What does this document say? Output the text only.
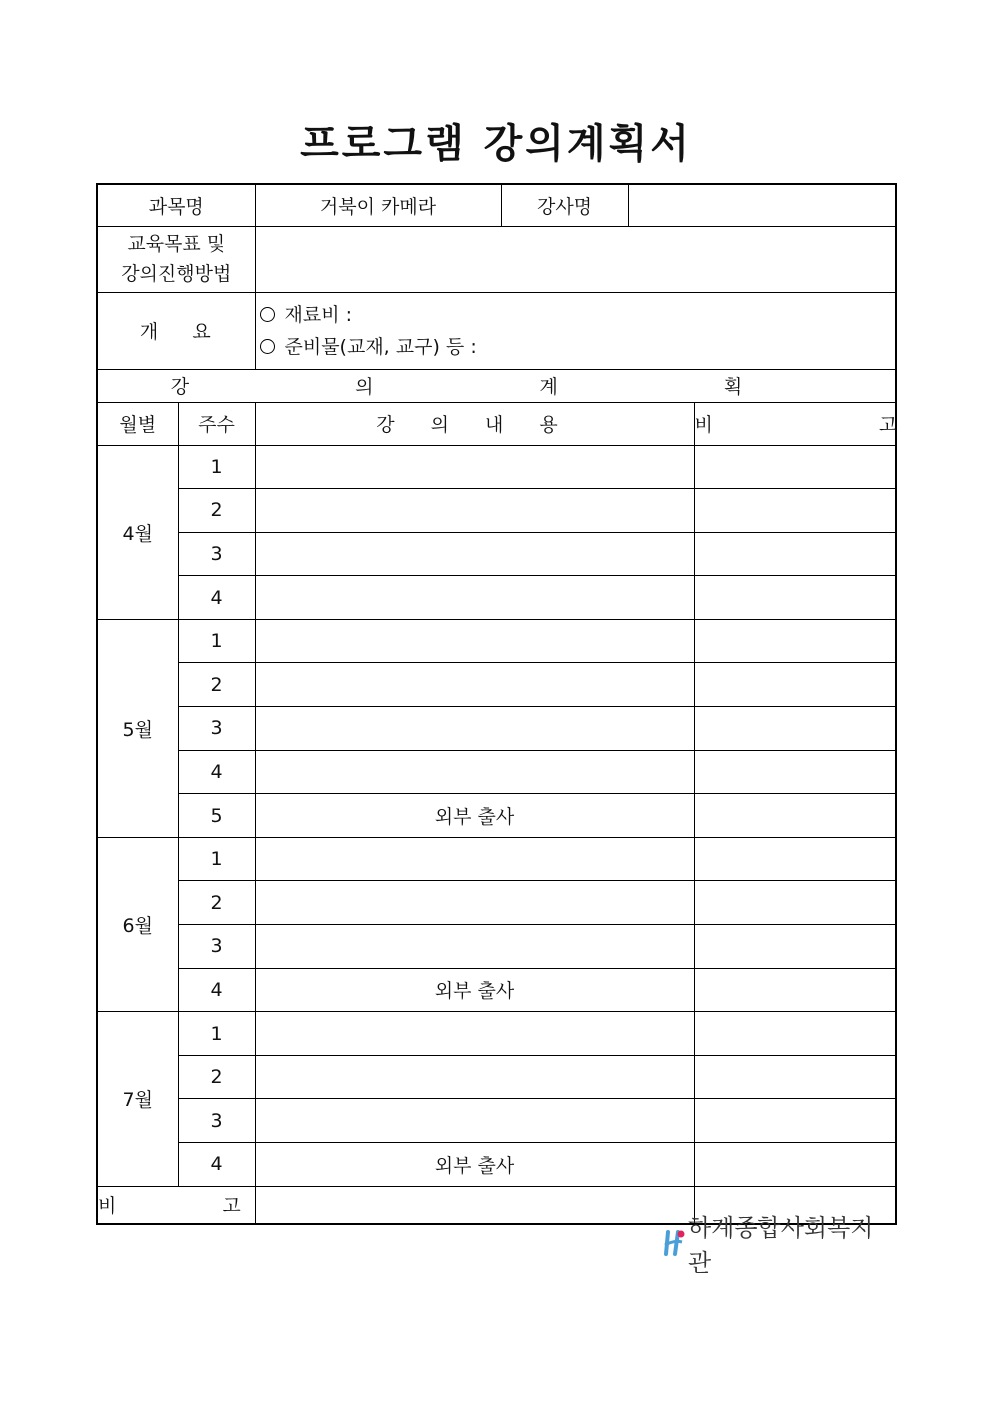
프로그램 강의계획서
과목명		거북이 카메라	강사명		

교육목표 및
강의진행방법					

개    요		재료비 :
준비물(교재, 교구) 등 :			

강 의 계 획					
월별	주수	강 의 내 용			비 고
4월	1				
	2				
	3				
	4				
5월	1				
	2				
	3				
	4				
	5	외부 출사			
6월	1				
	2				
	3				
	4	외부 출사			
7월	1				
	2				
	3				
	4	외부 출사			
비 고					
하계종합사회복지관
